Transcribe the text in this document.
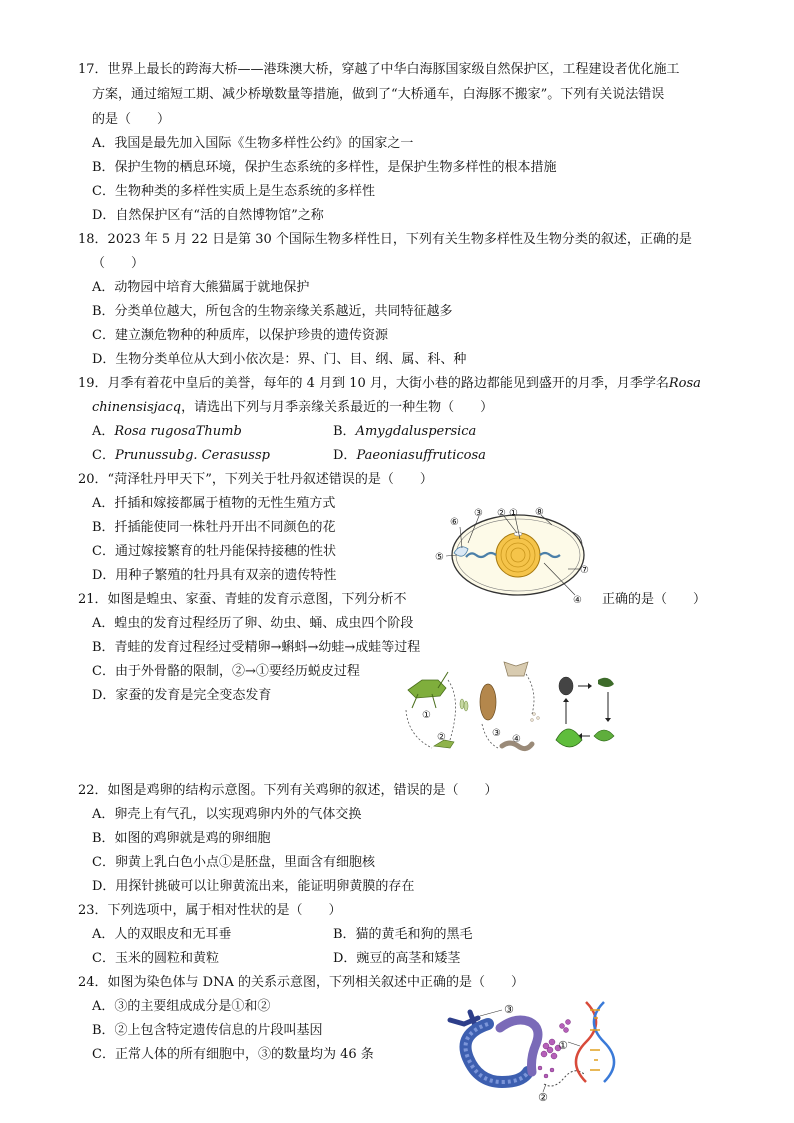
17．世界上最长的跨海大桥——港珠澳大桥，穿越了中华白海豚国家级自然保护区，工程建设者优化施工
方案，通过缩短工期、减少桥墩数量等措施，做到了“大桥通车，白海豚不搬家”。下列有关说法错误
的是（　　）
A．我国是最先加入国际《生物多样性公约》的国家之一
B．保护生物的栖息环境，保护生态系统的多样性，是保护生物多样性的根本措施
C．生物种类的多样性实质上是生态系统的多样性
D．自然保护区有“活的自然博物馆”之称
18．2023 年 5 月 22 日是第 30 个国际生物多样性日，下列有关生物多样性及生物分类的叙述，正确的是
（　　）
A．动物园中培育大熊猫属于就地保护
B．分类单位越大，所包含的生物亲缘关系越近，共同特征越多
C．建立濒危物种的种质库，以保护珍贵的遗传资源
D．生物分类单位从大到小依次是：界、门、目、纲、属、科、种
19．月季有着花中皇后的美誉，每年的 4 月到 10 月，大街小巷的路边都能见到盛开的月季，月季学名Rosa
chinensisjacq，请选出下列与月季亲缘关系最近的一种生物（　　）
A．Rosa rugosaThumb	B．Amygdaluspersica
C．Prunussubg. Cerasussp	D．Paeoniasuffruticosa
20．“菏泽牡丹甲天下”，下列关于牡丹叙述错误的是（　　）
A．扦插和嫁接都属于植物的无性生殖方式
B．扦插能使同一株牡丹开出不同颜色的花
C．通过嫁接繁育的牡丹能保持接穗的性状
D．用种子繁殖的牡丹具有双亲的遗传特性
⑥
③ ② ① ⑧
⑤
⑦
④
21．如图是蝗虫、家蚕、青蛙的发育示意图，下列分析不	正确的是（　　）
A．蝗虫的发育过程经历了卵、幼虫、蛹、成虫四个阶段
B．青蛙的发育过程经过受精卵→蝌蚪→幼蛙→成蛙等过程
C．由于外骨骼的限制，②→①要经历蜕皮过程
D．家蚕的发育是完全变态发育
①
②	③
④
22．如图是鸡卵的结构示意图。下列有关鸡卵的叙述，错误的是（　　）
A．卵壳上有气孔，以实现鸡卵内外的气体交换
B．如图的鸡卵就是鸡的卵细胞
C．卵黄上乳白色小点①是胚盘，里面含有细胞核
D．用探针挑破可以让卵黄流出来，能证明卵黄膜的存在
23．下列选项中，属于相对性状的是（　　）
A．人的双眼皮和无耳垂	B．猫的黄毛和狗的黑毛
C．玉米的圆粒和黄粒	D．豌豆的高茎和矮茎
24．如图为染色体与 DNA 的关系示意图，下列相关叙述中正确的是（　　）
A．③的主要组成成分是①和②
B．②上包含特定遗传信息的片段叫基因
C．正常人体的所有细胞中，③的数量均为 46 条
③
①
②
